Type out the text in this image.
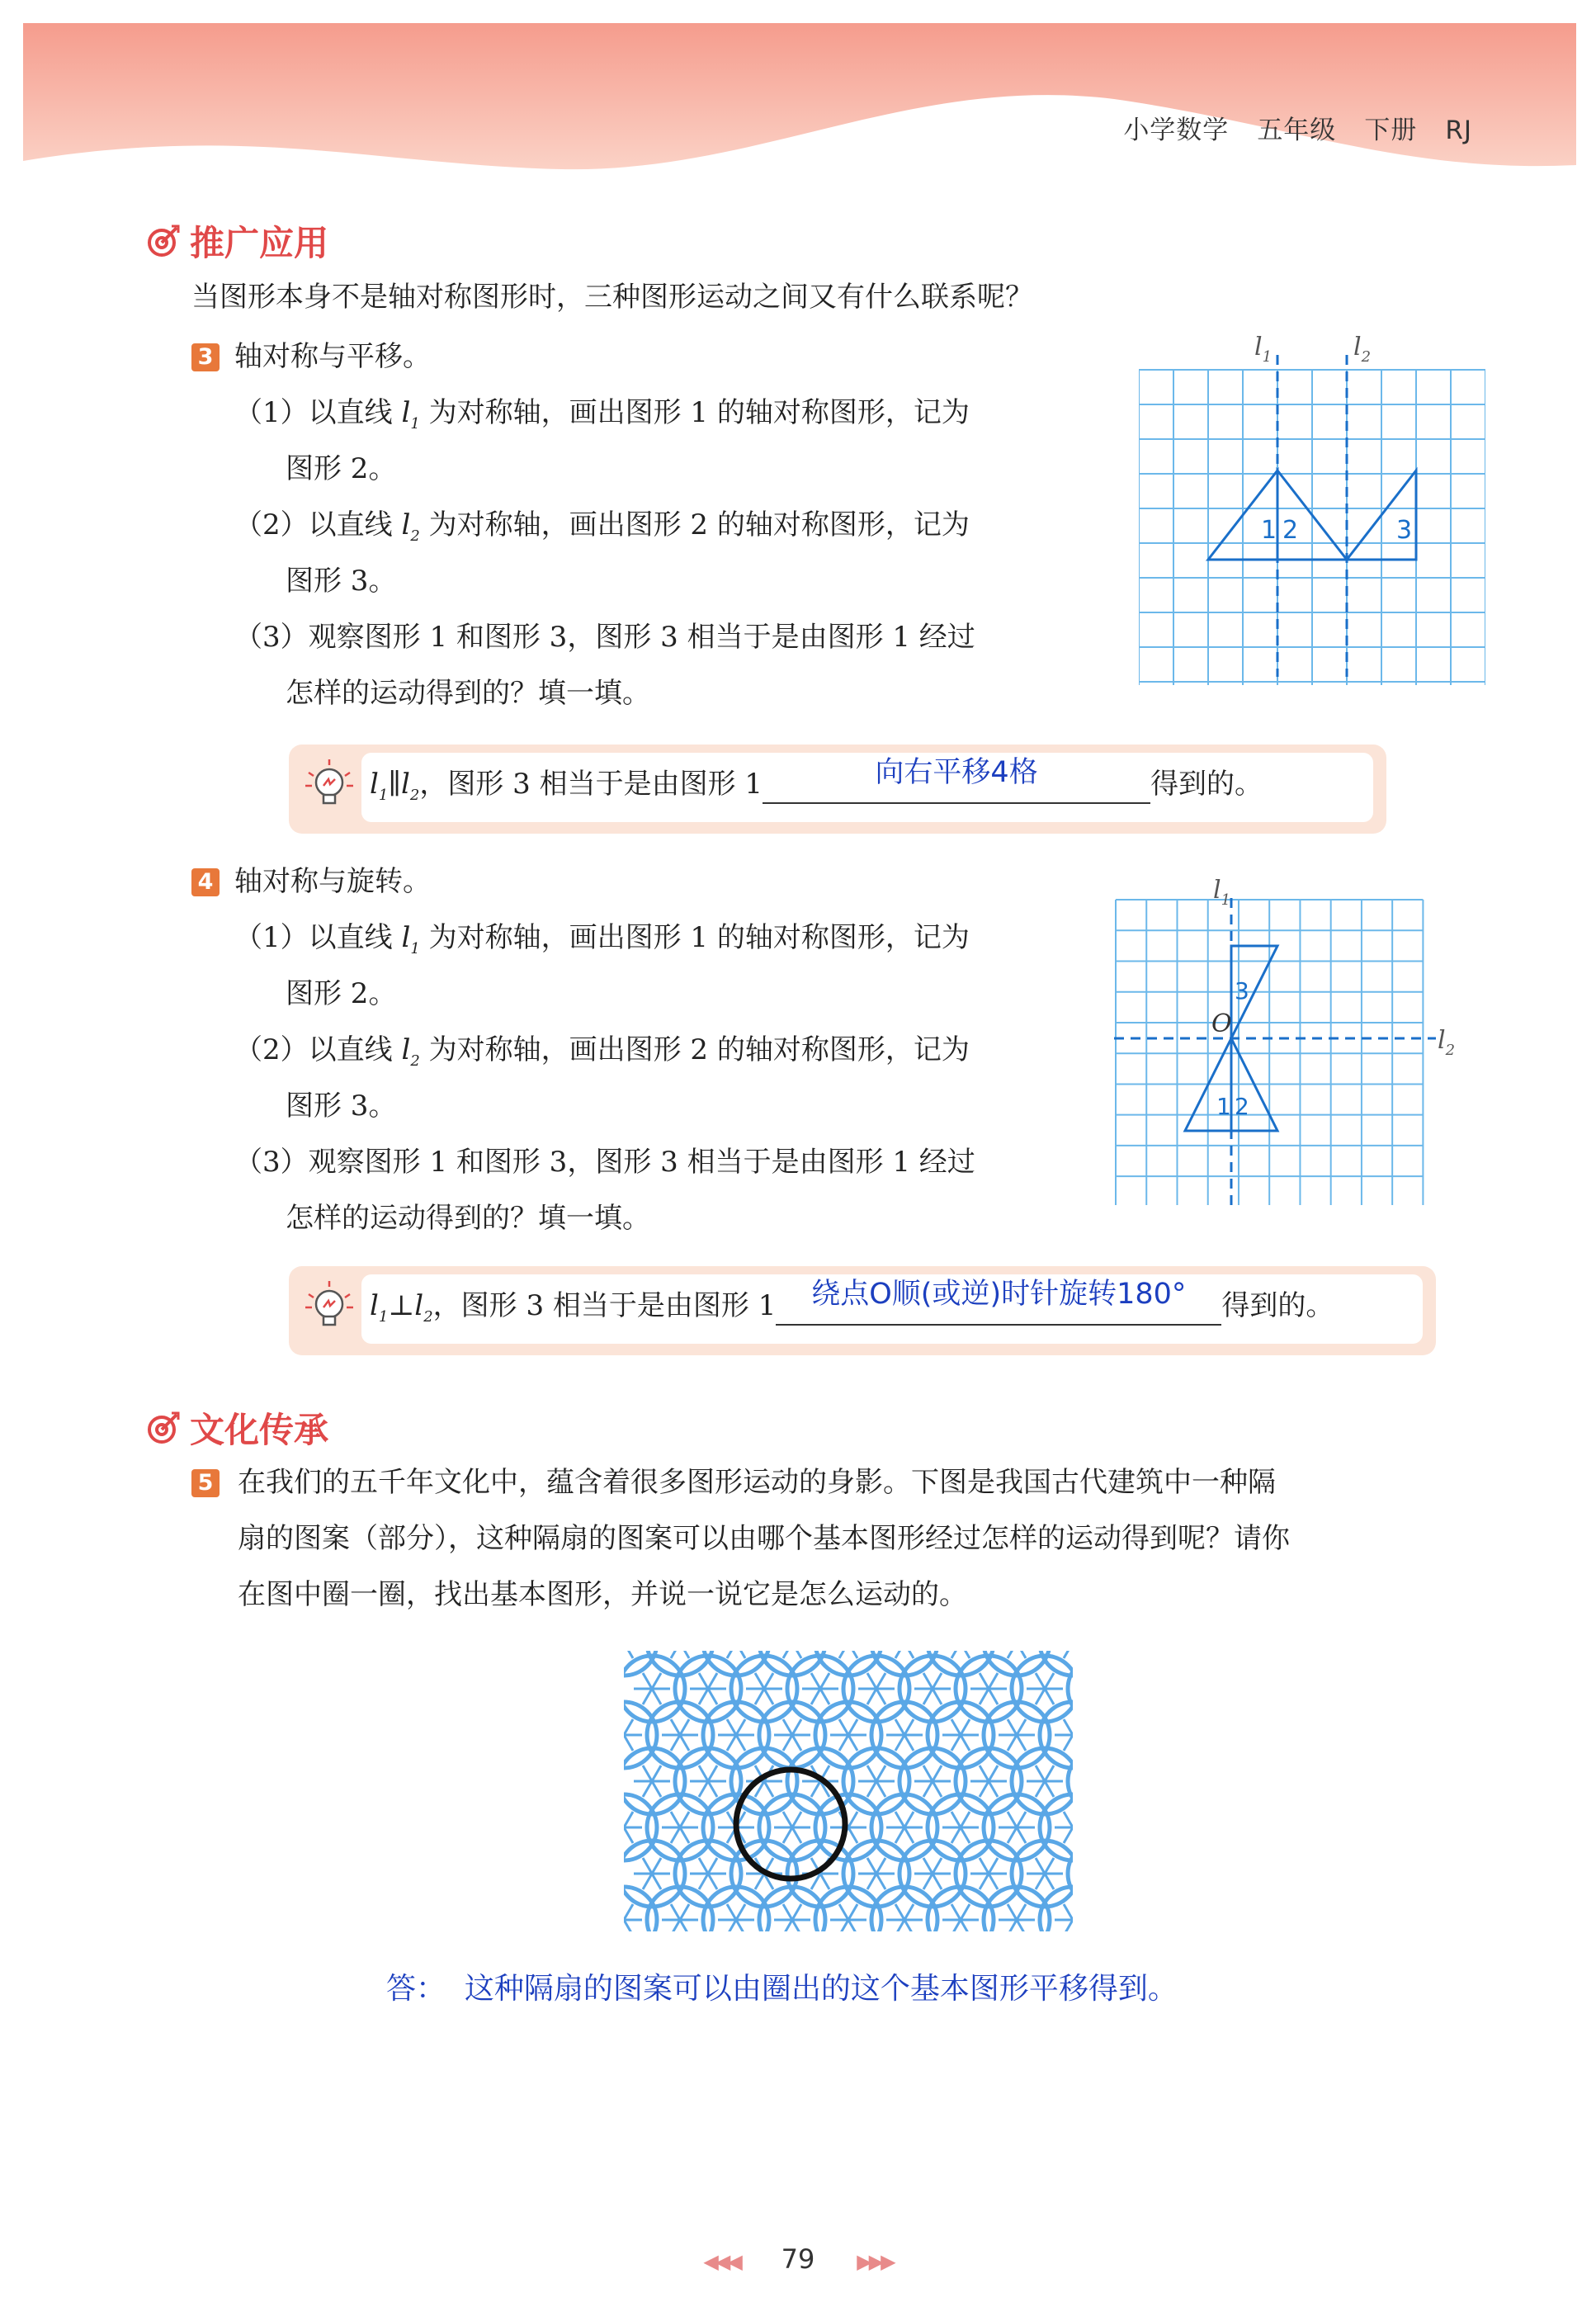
小学数学 五年级 下册 RJ
推广应用
当图形本身不是轴对称图形时，三种图形运动之间又有什么联系呢？
3 轴对称与平移。
（1）以直线 $l_1$ 为对称轴，画出图形 1 的轴对称图形，记为
图形 2。
（2）以直线 $l_2$ 为对称轴，画出图形 2 的轴对称图形，记为
图形 3。
（3）观察图形 1 和图形 3，图形 3 相当于是由图形 1 经过
怎样的运动得到的？填一填。
$l_1$	$l_2$
1 2	3
$l_1\parallel l_2$，图形 3 相当于是由图形 1	向右平移4格	得到的。
4 轴对称与旋转。
（1）以直线 $l_1$ 为对称轴，画出图形 1 的轴对称图形，记为
图形 2。
（2）以直线 $l_2$ 为对称轴，画出图形 2 的轴对称图形，记为
图形 3。
（3）观察图形 1 和图形 3，图形 3 相当于是由图形 1 经过
怎样的运动得到的？填一填。
$l_1$
$l_2$
O
1 2
3
$l_1\perp l_2$，图形 3 相当于是由图形 1	绕点O顺(或逆)时针旋转180°	得到的。
文化传承
5 在我们的五千年文化中，蕴含着很多图形运动的身影。下图是我国古代建筑中一种隔
扇的图案（部分），这种隔扇的图案可以由哪个基本图形经过怎样的运动得到呢？请你
在图中圈一圈，找出基本图形，并说一说它是怎么运动的。
答： 这种隔扇的图案可以由圈出的这个基本图形平移得到。
◀◀◀ 79 ▶▶▶
